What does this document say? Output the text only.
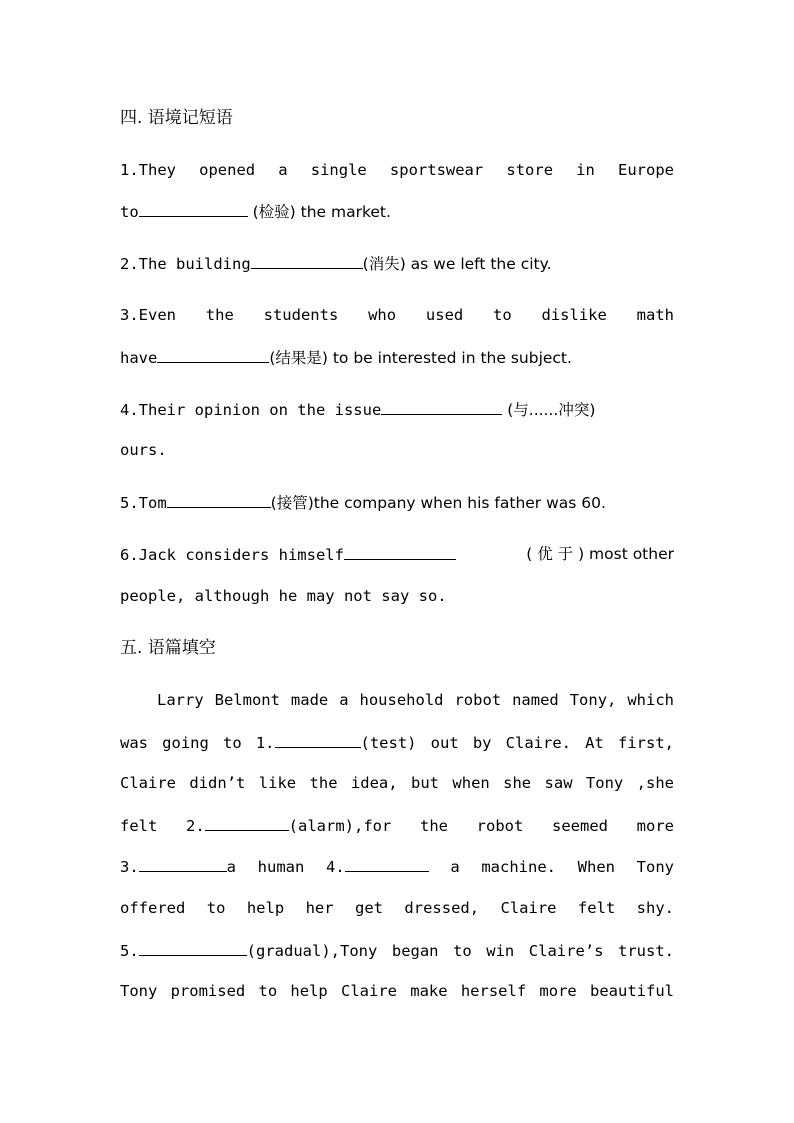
四. 语境记短语
1.They opened a single sportswear store in Europe
to	(检验) the market.
2.The building	(消失) as we left the city.
3.Even the students who used to dislike math
have	(结果是) to be interested in the subject.
4.Their opinion on the issue	(与......冲突)
ours.
5.Tom	(接管)the company when his father was 60.
6.Jack considers himself	( 优 于 ) most other
people, although he may not say so.
五. 语篇填空
Larry Belmont made a household robot named Tony, which
was going to 1.	(test) out by Claire. At first,
Claire didn’t like the idea, but when she saw Tony ,she
felt 2.	(alarm),for the robot seemed more
3.	a human 4.	a machine. When Tony
offered to help her get dressed, Claire felt shy.
5.	(gradual),Tony began to win Claire’s trust.
Tony promised to help Claire make herself more beautiful
